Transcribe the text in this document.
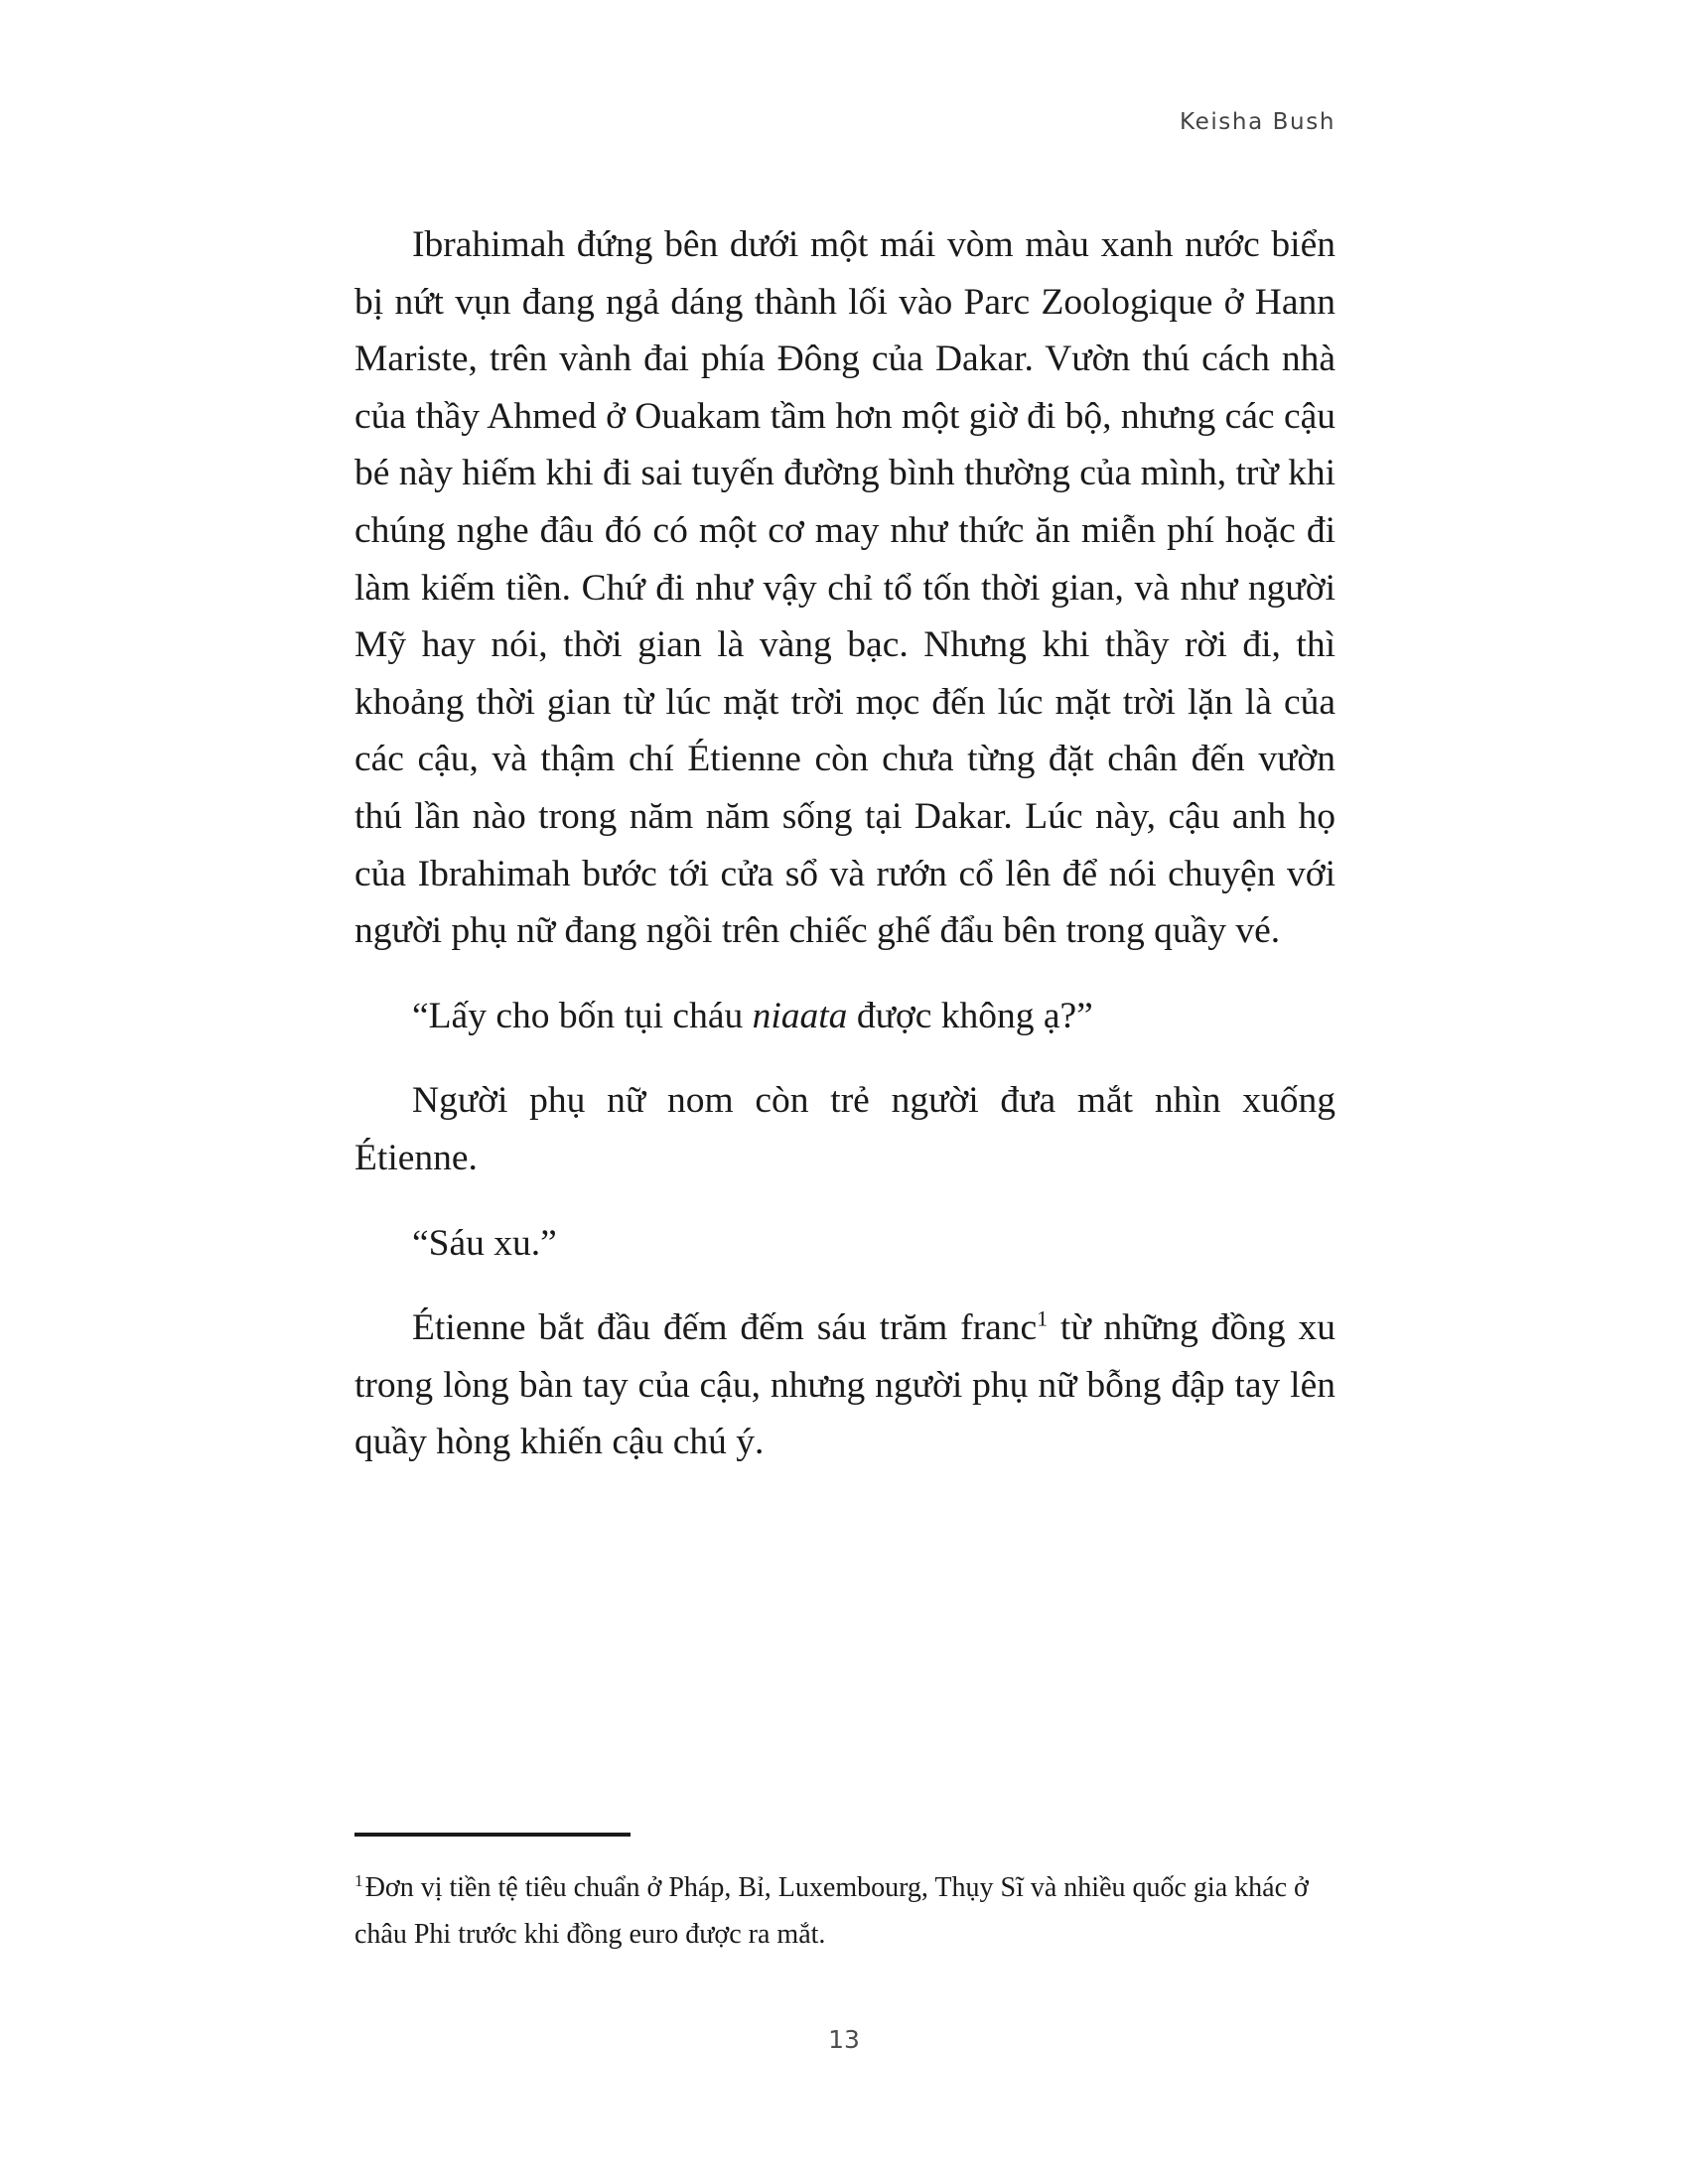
Keisha Bush

Ibrahimah đứng bên dưới một mái vòm màu xanh nước biển bị nứt vụn đang ngả dáng thành lối vào Parc Zoologique ở Hann Mariste, trên vành đai phía Đông của Dakar. Vườn thú cách nhà của thầy Ahmed ở Ouakam tầm hơn một giờ đi bộ, nhưng các cậu bé này hiếm khi đi sai tuyến đường bình thường của mình, trừ khi chúng nghe đâu đó có một cơ may như thức ăn miễn phí hoặc đi làm kiếm tiền. Chứ đi như vậy chỉ tổ tốn thời gian, và như người Mỹ hay nói, thời gian là vàng bạc. Nhưng khi thầy rời đi, thì khoảng thời gian từ lúc mặt trời mọc đến lúc mặt trời lặn là của các cậu, và thậm chí Étienne còn chưa từng đặt chân đến vườn thú lần nào trong năm năm sống tại Dakar. Lúc này, cậu anh họ của Ibrahimah bước tới cửa sổ và rướn cổ lên để nói chuyện với người phụ nữ đang ngồi trên chiếc ghế đẩu bên trong quầy vé.

“Lấy cho bốn tụi cháu niaata được không ạ?”

Người phụ nữ nom còn trẻ người đưa mắt nhìn xuống Étienne.

“Sáu xu.”

Étienne bắt đầu đếm đếm sáu trăm franc$^1$ từ những đồng xu trong lòng bàn tay của cậu, nhưng người phụ nữ bỗng đập tay lên quầy hòng khiến cậu chú ý.

$^1$Đơn vị tiền tệ tiêu chuẩn ở Pháp, Bỉ, Luxembourg, Thụy Sĩ và nhiều quốc gia khác ở châu Phi trước khi đồng euro được ra mắt.

13
